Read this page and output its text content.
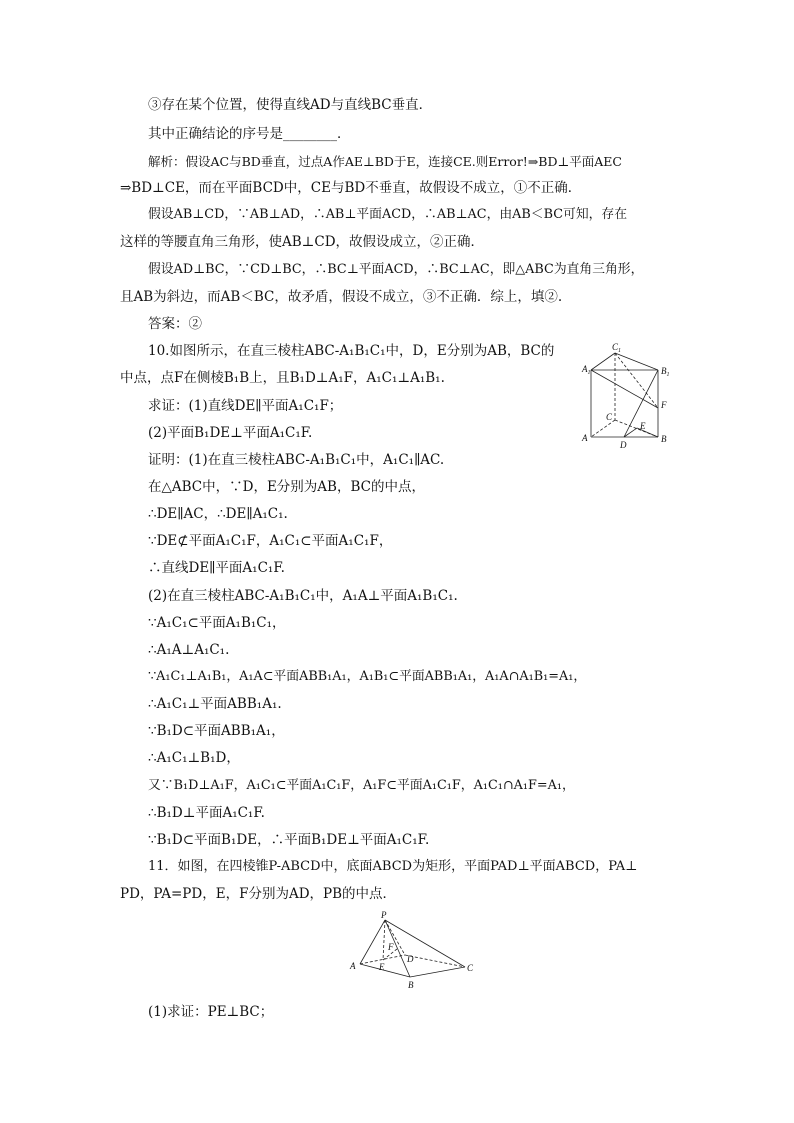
③存在某个位置，使得直线AD与直线BC垂直．
其中正确结论的序号是________．
解析：假设AC与BD垂直，过点A作AE⊥BD于E，连接CE.则Error!⇒BD⊥平面AEC
⇒BD⊥CE，而在平面BCD中，CE与BD不垂直，故假设不成立，①不正确．
假设AB⊥CD，∵AB⊥AD，∴AB⊥平面ACD，∴AB⊥AC，由AB＜BC可知，存在
这样的等腰直角三角形，使AB⊥CD，故假设成立，②正确．
假设AD⊥BC，∵CD⊥BC，∴BC⊥平面ACD，∴BC⊥AC，即△ABC为直角三角形，
且AB为斜边，而AB＜BC，故矛盾，假设不成立，③不正确．综上，填②.
答案：②
10.如图所示，在直三棱柱ABC-A₁B₁C₁中，D，E分别为AB，BC的
中点，点F在侧棱B₁B上，且B₁D⊥A₁F，A₁C₁⊥A₁B₁.
求证：(1)直线DE∥平面A₁C₁F；
(2)平面B₁DE⊥平面A₁C₁F.
证明：(1)在直三棱柱ABC-A₁B₁C₁中，A₁C₁∥AC.
在△ABC中，∵D，E分别为AB，BC的中点，
∴DE∥AC，∴DE∥A₁C₁.
∵DE⊄平面A₁C₁F，A₁C₁⊂平面A₁C₁F，
∴直线DE∥平面A₁C₁F.
(2)在直三棱柱ABC-A₁B₁C₁中，A₁A⊥平面A₁B₁C₁.
∵A₁C₁⊂平面A₁B₁C₁，
∴A₁A⊥A₁C₁.
∵A₁C₁⊥A₁B₁，A₁A⊂平面ABB₁A₁，A₁B₁⊂平面ABB₁A₁，A₁A∩A₁B₁=A₁，
∴A₁C₁⊥平面ABB₁A₁.
∵B₁D⊂平面ABB₁A₁，
∴A₁C₁⊥B₁D，
又∵B₁D⊥A₁F，A₁C₁⊂平面A₁C₁F，A₁F⊂平面A₁C₁F，A₁C₁∩A₁F=A₁，
∴B₁D⊥平面A₁C₁F.
∵B₁D⊂平面B₁DE，∴平面B₁DE⊥平面A₁C₁F.
11．如图，在四棱锥P-ABCD中，底面ABCD为矩形，平面PAD⊥平面ABCD，PA⊥
PD，PA=PD，E，F分别为AD，PB的中点．
(1)求证：PE⊥BC；
$C_1$
$A_1$	$B_1$
C
F
E
A	B
D
P
F
D
A	E	C
B
